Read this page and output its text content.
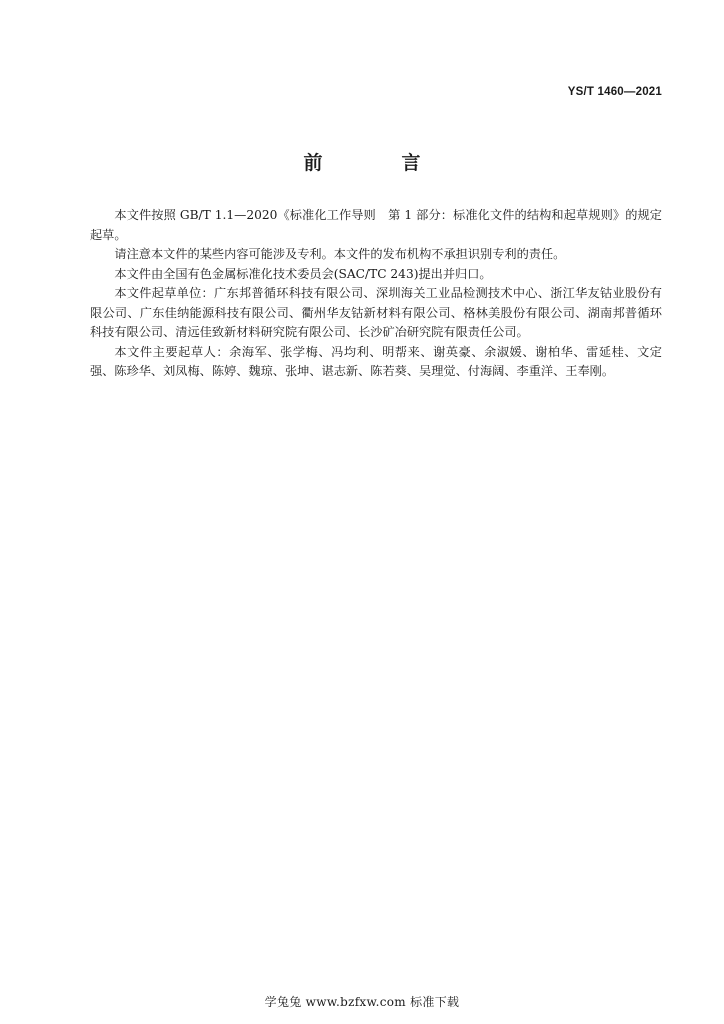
YS/T 1460—2021
前　言

本文件按照 GB/T 1.1—2020《标准化工作导则　第 1 部分：标准化文件的结构和起草规则》的规定起草。

请注意本文件的某些内容可能涉及专利。本文件的发布机构不承担识别专利的责任。

本文件由全国有色金属标准化技术委员会(SAC/TC 243)提出并归口。

本文件起草单位：广东邦普循环科技有限公司、深圳海关工业品检测技术中心、浙江华友钴业股份有限公司、广东佳纳能源科技有限公司、衢州华友钴新材料有限公司、格林美股份有限公司、湖南邦普循环科技有限公司、清远佳致新材料研究院有限公司、长沙矿冶研究院有限责任公司。

本文件主要起草人：余海军、张学梅、冯均利、明帮来、谢英豪、余淑媛、谢柏华、雷延桂、文定强、陈珍华、刘凤梅、陈婷、魏琼、张坤、谌志新、陈若葵、吴理觉、付海阔、李重洋、王奉刚。

学兔兔 www.bzfxw.com 标准下载
